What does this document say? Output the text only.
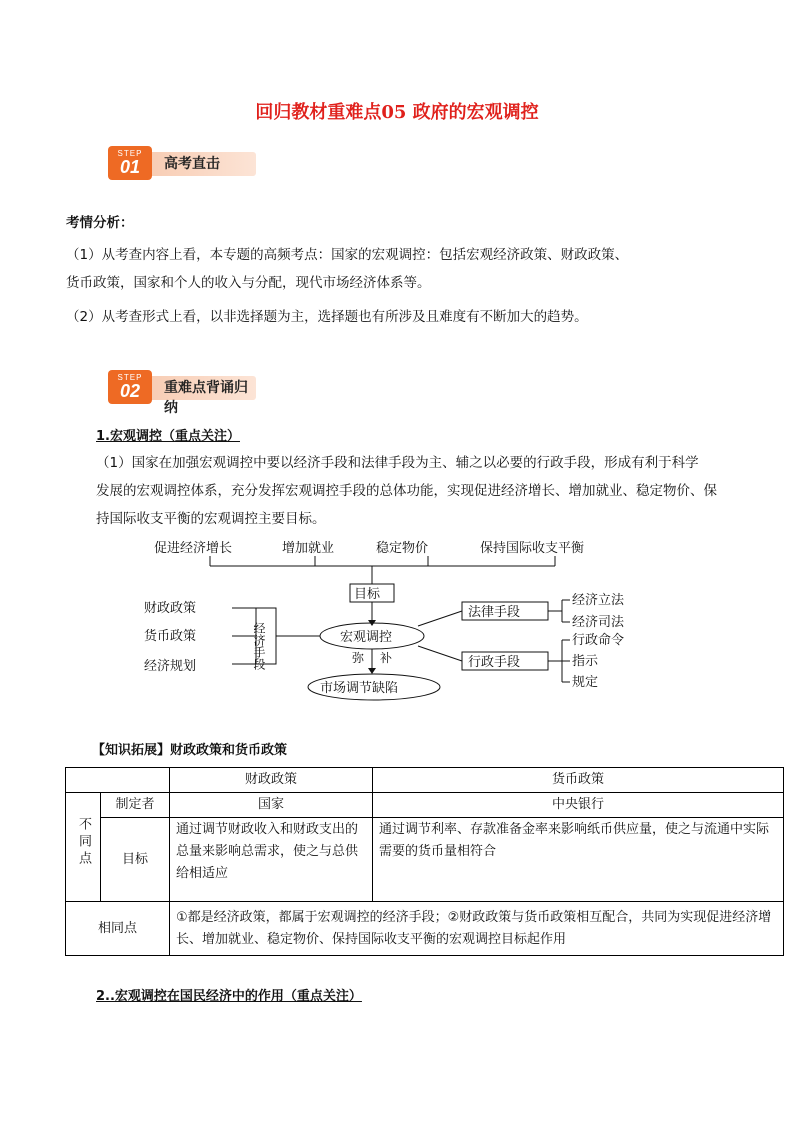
回归教材重难点05 政府的宏观调控
STEP
01	高考直击
考情分析：
（1）从考查内容上看，本专题的高频考点：国家的宏观调控：包括宏观经济政策、财政政策、
货币政策，国家和个人的收入与分配，现代市场经济体系等。
（2）从考查形式上看，以非选择题为主，选择题也有所涉及且难度有不断加大的趋势。
STEP
02	重难点背诵归纳
1.宏观调控（重点关注）
（1）国家在加强宏观调控中要以经济手段和法律手段为主、辅之以必要的行政手段，形成有利于科学
发展的宏观调控体系，充分发挥宏观调控手段的总体功能，实现促进经济增长、增加就业、稳定物价、保
持国际收支平衡的宏观调控主要目标。
促进经济增长	增加就业	稳定物价	保持国际收支平衡
目标
宏观调控
经济手段
财政政策
货币政策
经济规划
法律手段
经济立法
经济司法
行政手段
行政命令
指示
规定
弥 补
市场调节缺陷
【知识拓展】财政政策和货币政策
		财政政策	货币政策
不同点	制定者	国家	中央银行
	目标	通过调节财政收入和财政支出的总量来影响总需求，使之与总供给相适应	通过调节利率、存款准备金率来影响纸币供应量，使之与流通中实际需要的货币量相符合
相同点		①都是经济政策，都属于宏观调控的经济手段；②财政政策与货币政策相互配合，共同为实现促进经济增长、增加就业、稳定物价、保持国际收支平衡的宏观调控目标起作用	
2..宏观调控在国民经济中的作用（重点关注）
